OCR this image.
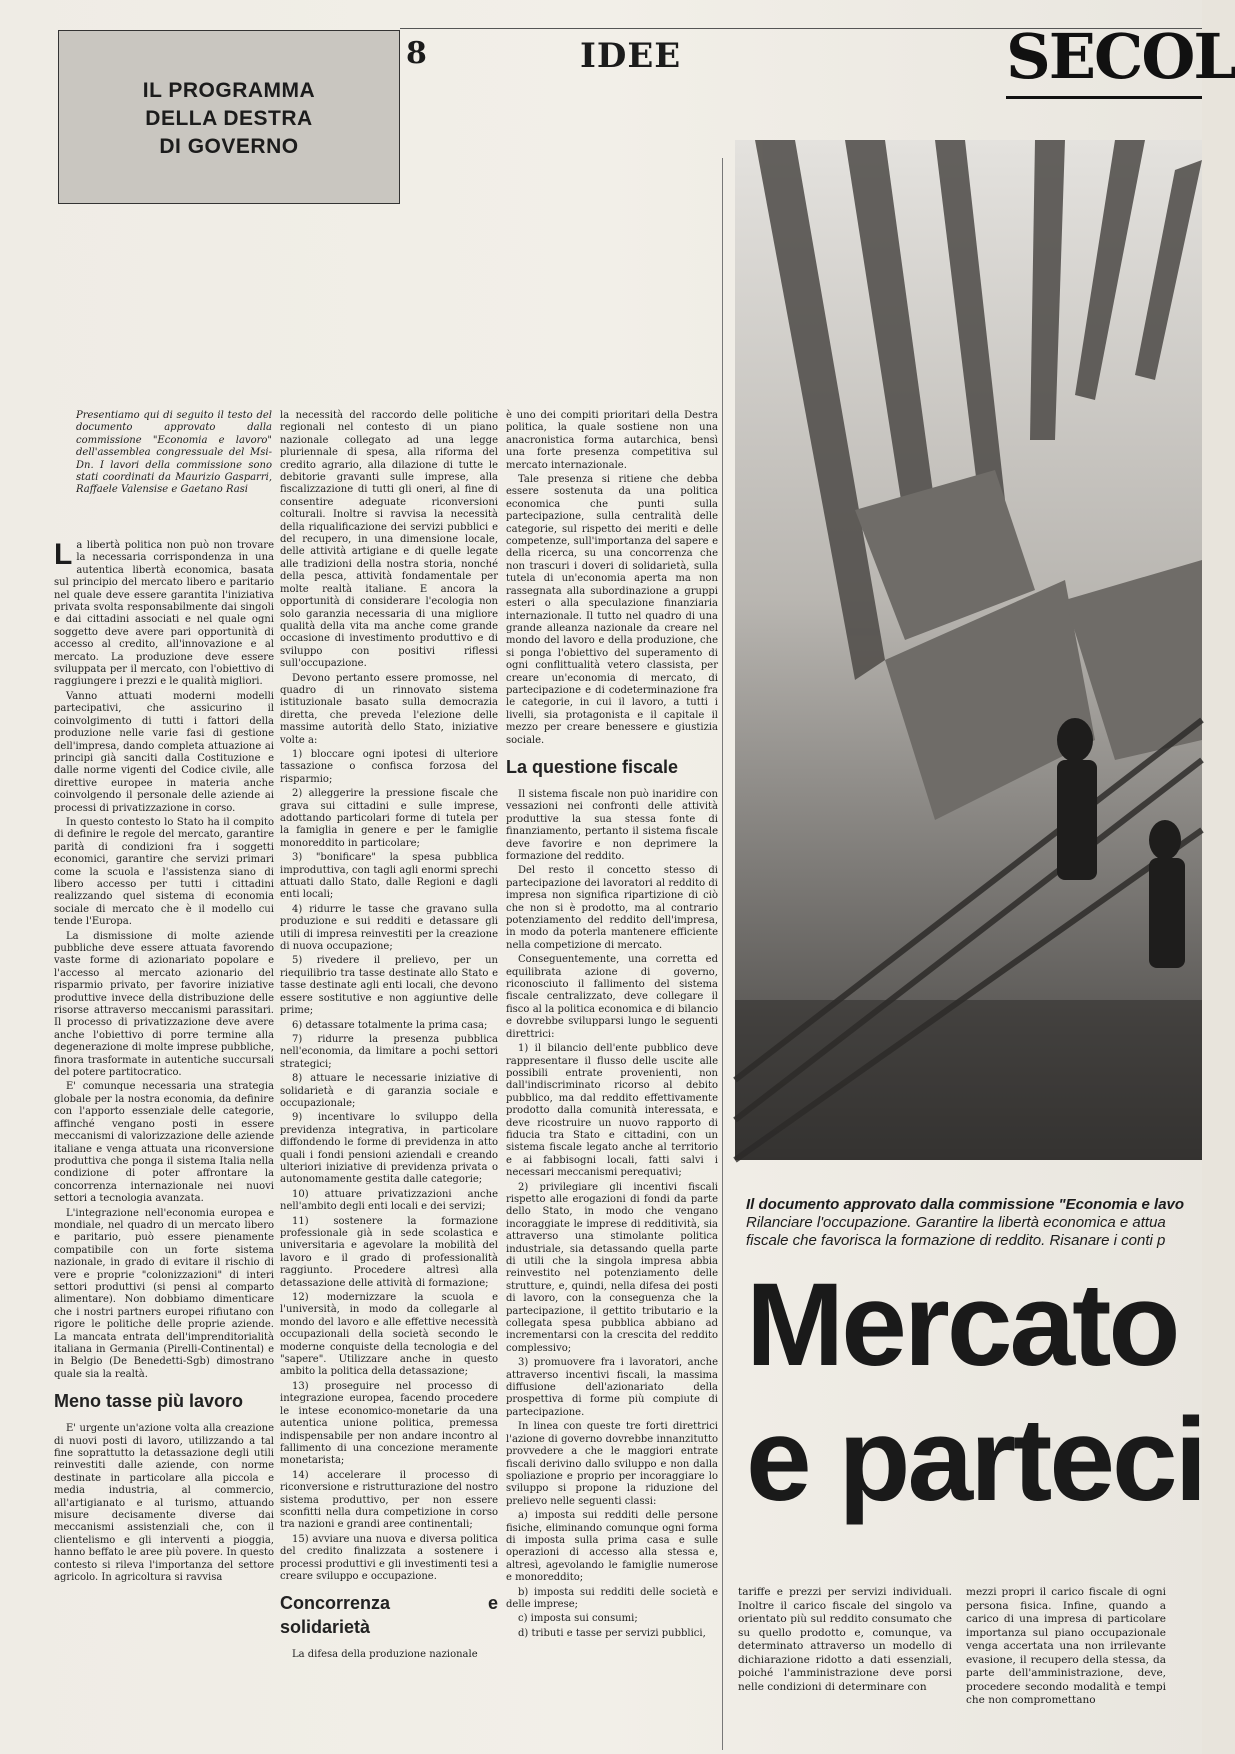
IL PROGRAMMA
DELLA DESTRA
DI GOVERNO
8	IDEE	SECOL
Presentiamo qui di seguito il testo del documento approvato dalla commissione "Economia e lavoro" dell'assemblea congressuale del Msi-Dn. I lavori della commissione sono stati coordinati da Maurizio Gasparri, Raffaele Valensise e Gaetano Rasi

La libertà politica non può non trovare la necessaria corrispondenza in una autentica libertà economica, basata sul principio del mercato libero e paritario nel quale deve essere garantita l'iniziativa privata svolta responsabilmente dai singoli e dai cittadini associati e nel quale ogni soggetto deve avere pari opportunità di accesso al credito, all'innovazione e al mercato. La produzione deve essere sviluppata per il mercato, con l'obiettivo di raggiungere i prezzi e le qualità migliori.

Vanno attuati moderni modelli partecipativi, che assicurino il coinvolgimento di tutti i fattori della produzione nelle varie fasi di gestione dell'impresa, dando completa attuazione ai principi già sanciti dalla Costituzione e dalle norme vigenti del Codice civile, alle direttive europee in materia anche coinvolgendo il personale delle aziende ai processi di privatizzazione in corso.

In questo contesto lo Stato ha il compito di definire le regole del mercato, garantire parità di condizioni fra i soggetti economici, garantire che servizi primari come la scuola e l'assistenza siano di libero accesso per tutti i cittadini realizzando quel sistema di economia sociale di mercato che è il modello cui tende l'Europa.

La dismissione di molte aziende pubbliche deve essere attuata favorendo vaste forme di azionariato popolare e l'accesso al mercato azionario del risparmio privato, per favorire iniziative produttive invece della distribuzione delle risorse attraverso meccanismi parassitari. Il processo di privatizzazione deve avere anche l'obiettivo di porre termine alla degenerazione di molte imprese pubbliche, finora trasformate in autentiche succursali del potere partitocratico.

E' comunque necessaria una strategia globale per la nostra economia, da definire con l'apporto essenziale delle categorie, affinché vengano posti in essere meccanismi di valorizzazione delle aziende italiane e venga attuata una riconversione produttiva che ponga il sistema Italia nella condizione di poter affrontare la concorrenza internazionale nei nuovi settori a tecnologia avanzata.

L'integrazione nell'economia europea e mondiale, nel quadro di un mercato libero e paritario, può essere pienamente compatibile con un forte sistema nazionale, in grado di evitare il rischio di vere e proprie "colonizzazioni" di interi settori produttivi (si pensi al comparto alimentare). Non dobbiamo dimenticare che i nostri partners europei rifiutano con rigore le politiche delle proprie aziende. La mancata entrata dell'imprenditorialità italiana in Germania (Pirelli-Continental) e in Belgio (De Benedetti-Sgb) dimostrano quale sia la realtà.

Meno tasse più lavoro

E' urgente un'azione volta alla creazione di nuovi posti di lavoro, utilizzando a tal fine soprattutto la detassazione degli utili reinvestiti dalle aziende, con norme destinate in particolare alla piccola e media industria, al commercio, all'artigianato e al turismo, attuando misure decisamente diverse dai meccanismi assistenziali che, con il clientelismo e gli interventi a pioggia, hanno beffato le aree più povere. In questo contesto si rileva l'importanza del settore agricolo. In agricoltura si ravvisa

la necessità del raccordo delle politiche regionali nel contesto di un piano nazionale collegato ad una legge pluriennale di spesa, alla riforma del credito agrario, alla dilazione di tutte le debitorie gravanti sulle imprese, alla fiscalizzazione di tutti gli oneri, al fine di consentire adeguate riconversioni colturali. Inoltre si ravvisa la necessità della riqualificazione dei servizi pubblici e del recupero, in una dimensione locale, delle attività artigiane e di quelle legate alle tradizioni della nostra storia, nonché della pesca, attività fondamentale per molte realtà italiane. E ancora la opportunità di considerare l'ecologia non solo garanzia necessaria di una migliore qualità della vita ma anche come grande occasione di investimento produttivo e di sviluppo con positivi riflessi sull'occupazione.

Devono pertanto essere promosse, nel quadro di un rinnovato sistema istituzionale basato sulla democrazia diretta, che preveda l'elezione delle massime autorità dello Stato, iniziative volte a:

1) bloccare ogni ipotesi di ulteriore tassazione o confisca forzosa del risparmio;

2) alleggerire la pressione fiscale che grava sui cittadini e sulle imprese, adottando particolari forme di tutela per la famiglia in genere e per le famiglie monoreddito in particolare;

3) "bonificare" la spesa pubblica improduttiva, con tagli agli enormi sprechi attuati dallo Stato, dalle Regioni e dagli enti locali;

4) ridurre le tasse che gravano sulla produzione e sui redditi e detassare gli utili di impresa reinvestiti per la creazione di nuova occupazione;

5) rivedere il prelievo, per un riequilibrio tra tasse destinate allo Stato e tasse destinate agli enti locali, che devono essere sostitutive e non aggiuntive delle prime;

6) detassare totalmente la prima casa;

7) ridurre la presenza pubblica nell'economia, da limitare a pochi settori strategici;

8) attuare le necessarie iniziative di solidarietà e di garanzia sociale e occupazionale;

9) incentivare lo sviluppo della previdenza integrativa, in particolare diffondendo le forme di previdenza in atto quali i fondi pensioni aziendali e creando ulteriori iniziative di previdenza privata o autonomamente gestita dalle categorie;

10) attuare privatizzazioni anche nell'ambito degli enti locali e dei servizi;

11) sostenere la formazione professionale già in sede scolastica e universitaria e agevolare la mobilità del lavoro e il grado di professionalità raggiunto. Procedere altresì alla detassazione delle attività di formazione;

12) modernizzare la scuola e l'università, in modo da collegarle al mondo del lavoro e alle effettive necessità occupazionali della società secondo le moderne conquiste della tecnologia e del "sapere". Utilizzare anche in questo ambito la politica della detassazione;

13) proseguire nel processo di integrazione europea, facendo procedere le intese economico-monetarie da una autentica unione politica, premessa indispensabile per non andare incontro al fallimento di una concezione meramente monetarista;

14) accelerare il processo di riconversione e ristrutturazione del nostro sistema produttivo, per non essere sconfitti nella dura competizione in corso tra nazioni e grandi aree continentali;

15) avviare una nuova e diversa politica del credito finalizzata a sostenere i processi produttivi e gli investimenti tesi a creare sviluppo e occupazione.

Concorrenza e solidarietà

La difesa della produzione nazionale

è uno dei compiti prioritari della Destra politica, la quale sostiene non una anacronistica forma autarchica, bensì una forte presenza competitiva sul mercato internazionale.

Tale presenza si ritiene che debba essere sostenuta da una politica economica che punti sulla partecipazione, sulla centralità delle categorie, sul rispetto dei meriti e delle competenze, sull'importanza del sapere e della ricerca, su una concorrenza che non trascuri i doveri di solidarietà, sulla tutela di un'economia aperta ma non rassegnata alla subordinazione a gruppi esteri o alla speculazione finanziaria internazionale. Il tutto nel quadro di una grande alleanza nazionale da creare nel mondo del lavoro e della produzione, che si ponga l'obiettivo del superamento di ogni conflittualità vetero classista, per creare un'economia di mercato, di partecipazione e di codeterminazione fra le categorie, in cui il lavoro, a tutti i livelli, sia protagonista e il capitale il mezzo per creare benessere e giustizia sociale.

La questione fiscale

Il sistema fiscale non può inaridire con vessazioni nei confronti delle attività produttive la sua stessa fonte di finanziamento, pertanto il sistema fiscale deve favorire e non deprimere la formazione del reddito.

Del resto il concetto stesso di partecipazione dei lavoratori al reddito di impresa non significa ripartizione di ciò che non si è prodotto, ma al contrario potenziamento del reddito dell'impresa, in modo da poterla mantenere efficiente nella competizione di mercato.

Conseguentemente, una corretta ed equilibrata azione di governo, riconosciuto il fallimento del sistema fiscale centralizzato, deve collegare il fisco al la politica economica e di bilancio e dovrebbe svilupparsi lungo le seguenti direttrici:

1) il bilancio dell'ente pubblico deve rappresentare il flusso delle uscite alle possibili entrate provenienti, non dall'indiscriminato ricorso al debito pubblico, ma dal reddito effettivamente prodotto dalla comunità interessata, e deve ricostruire un nuovo rapporto di fiducia tra Stato e cittadini, con un sistema fiscale legato anche al territorio e ai fabbisogni locali, fatti salvi i necessari meccanismi perequativi;

2) privilegiare gli incentivi fiscali rispetto alle erogazioni di fondi da parte dello Stato, in modo che vengano incoraggiate le imprese di redditività, sia attraverso una stimolante politica industriale, sia detassando quella parte di utili che la singola impresa abbia reinvestito nel potenziamento delle strutture, e, quindi, nella difesa dei posti di lavoro, con la conseguenza che la partecipazione, il gettito tributario e la collegata spesa pubblica abbiano ad incrementarsi con la crescita del reddito complessivo;

3) promuovere fra i lavoratori, anche attraverso incentivi fiscali, la massima diffusione dell'azionariato della prospettiva di forme più compiute di partecipazione.

In linea con queste tre forti direttrici l'azione di governo dovrebbe innanzitutto provvedere a che le maggiori entrate fiscali derivino dallo sviluppo e non dalla spoliazione e proprio per incoraggiare lo sviluppo si propone la riduzione del prelievo nelle seguenti classi:

a) imposta sui redditi delle persone fisiche, eliminando comunque ogni forma di imposta sulla prima casa e sulle operazioni di accesso alla stessa e, altresì, agevolando le famiglie numerose e monoreddito;

b) imposta sui redditi delle società e delle imprese;

c) imposta sui consumi;

d) tributi e tasse per servizi pubblici,

Il documento approvato dalla commissione "Economia e lavo
Rilanciare l'occupazione. Garantire la libertà economica e attua
fiscale che favorisca la formazione di reddito. Risanare i conti p
Mercato
e parteci
tariffe e prezzi per servizi individuali. Inoltre il carico fiscale del singolo va orientato più sul reddito consumato che su quello prodotto e, comunque, va determinato attraverso un modello di dichiarazione ridotto a dati essenziali, poiché l'amministrazione deve porsi nelle condizioni di determinare con
mezzi propri il carico fiscale di ogni persona fisica. Infine, quando a carico di una impresa di particolare importanza sul piano occupazionale venga accertata una non irrilevante evasione, il recupero della stessa, da parte dell'amministrazione, deve, procedere secondo modalità e tempi che non compromettano
